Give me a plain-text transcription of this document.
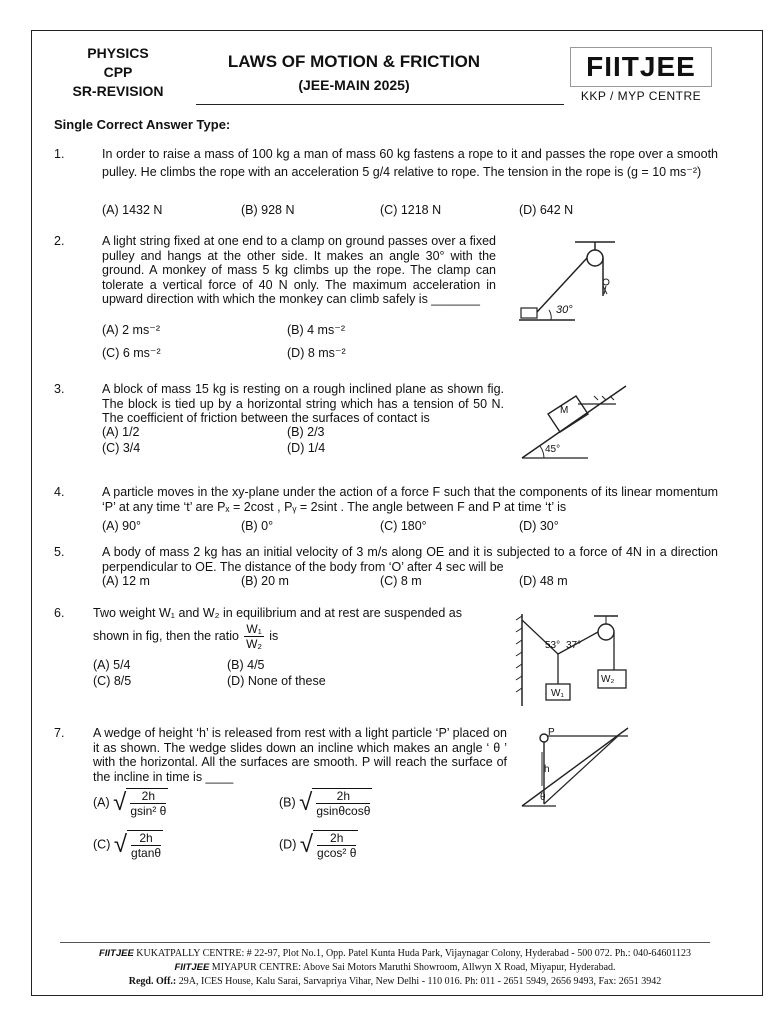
PHYSICS
CPP
SR-REVISION
LAWS OF MOTION & FRICTION
(JEE-MAIN 2025)
FIITJEE
KKP / MYP CENTRE
Single Correct Answer Type:
1.	In order to raise a mass of 100 kg a man of mass 60 kg fastens a rope to it and passes the rope over a smooth pulley. He climbs the rope with an acceleration 5 g/4 relative to rope. The tension in the rope is (g = 10 ms⁻²)
(A) 1432 N	(B) 928 N	(C) 1218 N	(D) 642 N
2.	A light string fixed at one end to a clamp on ground passes over a fixed pulley and hangs at the other side. It makes an angle 30° with the ground. A monkey of mass 5 kg climbs up the rope. The clamp can tolerate a vertical force of 40 N only. The maximum acceleration in upward direction with which the monkey can climb safely is _______
(A) 2 ms⁻²	(B) 4 ms⁻²
(C) 6 ms⁻²	(D) 8 ms⁻²
30°
3.	A block of mass 15 kg is resting on a rough inclined plane as shown fig. The block is tied up by a horizontal string which has a tension of 50 N. The coefficient of friction between the surfaces of contact is
(A) 1/2	(B) 2/3
(C) 3/4	(D) 1/4
M
45°
4.	A particle moves in the xy-plane under the action of a force F such that the components of its linear momentum ‘P’ at any time ‘t’ are Pₓ = 2cost , Pᵧ = 2sint . The angle between F and P at time ‘t’ is
(A) 90°	(B) 0°	(C) 180°	(D) 30°
5.	A body of mass 2 kg has an initial velocity of 3 m/s along OE and it is subjected to a force of 4N in a direction perpendicular to OE. The distance of the body from ‘O’ after 4 sec will be
(A) 12 m	(B) 20 m	(C) 8 m	(D) 48 m
6. Two weight W₁ and W₂ in equilibrium and at rest are suspended as
shown in fig, then the ratio $\frac{\text{W₁}}{\text{W₂}}$ is
(A) 5/4	(B) 4/5
(C) 8/5	(D) None of these
53° 37°
W₁
W₂
7. A wedge of height ‘h’ is released from rest with a light particle ‘P’ placed on it as shown. The wedge slides down an incline which makes an angle ‘ θ ’ with the horizontal. All the surfaces are smooth. P will reach the surface of the incline in time is ____
(A) √ $\frac{2h}{\text{gsin² θ}}$	(B) √ $\frac{2h}{gsin\theta\cos\theta}$
(C) √ $\frac{2h}{gtan\theta}$	(D) √ $\frac{2h}{\text{gcos² θ}}$
P
h
θ
FIITJEE KUKATPALLY CENTRE: # 22-97, Plot No.1, Opp. Patel Kunta Huda Park, Vijaynagar Colony, Hyderabad - 500 072. Ph.: 040-64601123
FIITJEE MIYAPUR CENTRE: Above Sai Motors Maruthi Showroom, Allwyn X Road, Miyapur, Hyderabad.
Regd. Off.: 29A, ICES House, Kalu Sarai, Sarvapriya Vihar, New Delhi - 110 016. Ph: 011 - 2651 5949, 2656 9493, Fax: 2651 3942
